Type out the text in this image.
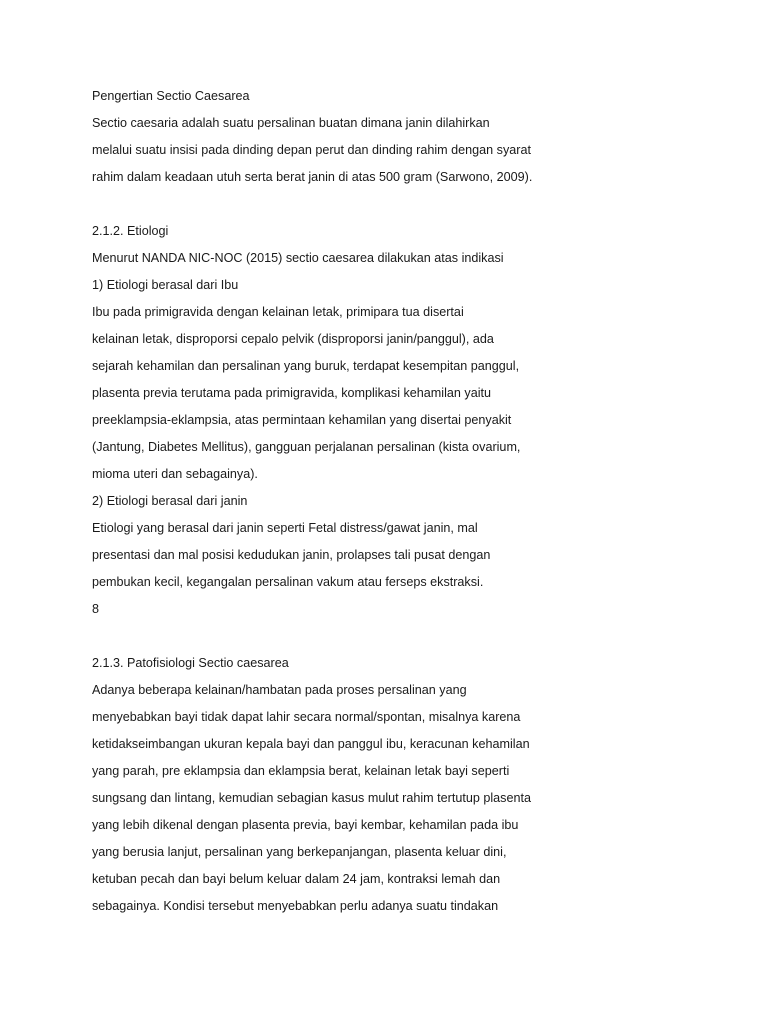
Pengertian Sectio Caesarea

Sectio caesaria adalah suatu persalinan buatan dimana janin dilahirkan

melalui suatu insisi pada dinding depan perut dan dinding rahim dengan syarat

rahim dalam keadaan utuh serta berat janin di atas 500 gram (Sarwono, 2009).

2.1.2. Etiologi

Menurut NANDA NIC-NOC (2015) sectio caesarea dilakukan atas indikasi

1) Etiologi berasal dari Ibu

Ibu pada primigravida dengan kelainan letak, primipara tua disertai

kelainan letak, disproporsi cepalo pelvik (disproporsi janin/panggul), ada

sejarah kehamilan dan persalinan yang buruk, terdapat kesempitan panggul,

plasenta previa terutama pada primigravida, komplikasi kehamilan yaitu

preeklampsia-eklampsia, atas permintaan kehamilan yang disertai penyakit

(Jantung, Diabetes Mellitus), gangguan perjalanan persalinan (kista ovarium,

mioma uteri dan sebagainya).

2) Etiologi berasal dari janin

Etiologi yang berasal dari janin seperti Fetal distress/gawat janin, mal

presentasi dan mal posisi kedudukan janin, prolapses tali pusat dengan

pembukan kecil, kegangalan persalinan vakum atau ferseps ekstraksi.

8

2.1.3. Patofisiologi Sectio caesarea

Adanya beberapa kelainan/hambatan pada proses persalinan yang

menyebabkan bayi tidak dapat lahir secara normal/spontan, misalnya karena

ketidakseimbangan ukuran kepala bayi dan panggul ibu, keracunan kehamilan

yang parah, pre eklampsia dan eklampsia berat, kelainan letak bayi seperti

sungsang dan lintang, kemudian sebagian kasus mulut rahim tertutup plasenta

yang lebih dikenal dengan plasenta previa, bayi kembar, kehamilan pada ibu

yang berusia lanjut, persalinan yang berkepanjangan, plasenta keluar dini,

ketuban pecah dan bayi belum keluar dalam 24 jam, kontraksi lemah dan

sebagainya. Kondisi tersebut menyebabkan perlu adanya suatu tindakan
